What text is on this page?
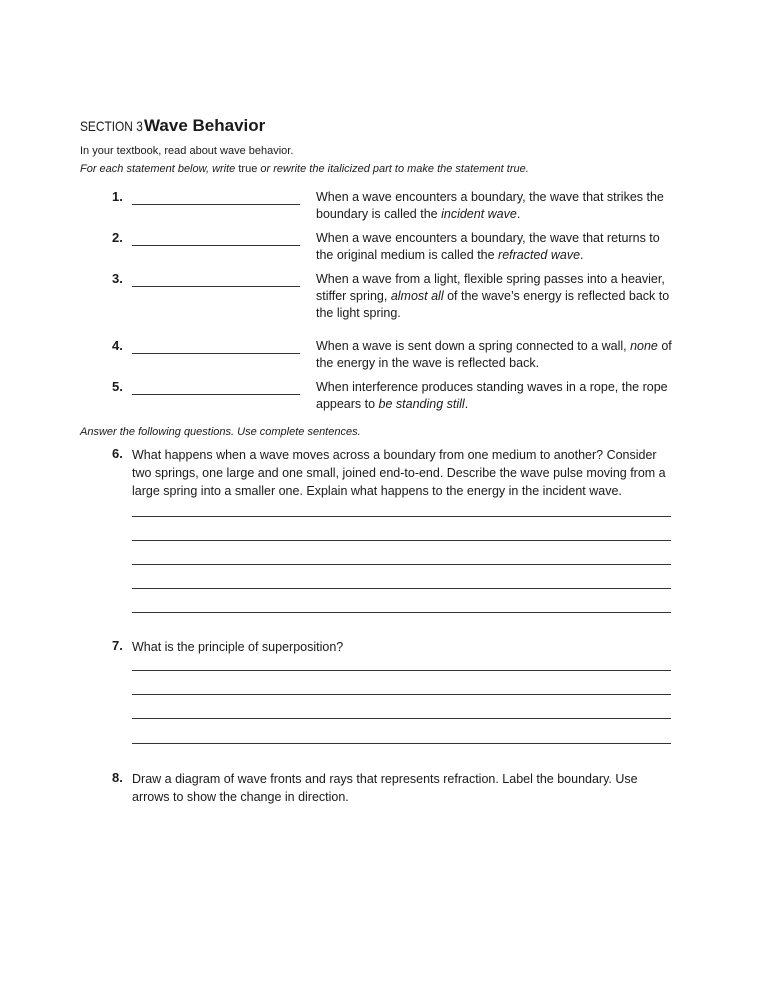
SECTION 3Wave Behavior
In your textbook, read about wave behavior.
For each statement below, write true or rewrite the italicized part to make the statement true.
Answer the following questions. Use complete sentences.
1.	When a wave encounters a boundary, the wave that strikes the boundary is called the incident wave.
2.	When a wave encounters a boundary, the wave that returns to the original medium is called the refracted wave.
3.	When a wave from a light, flexible spring passes into a heavier, stiffer spring, almost all of the wave’s energy is reflected back to the light spring.
4.	When a wave is sent down a spring connected to a wall, none of the energy in the wave is reflected back.
5.	When interference produces standing waves in a rope, the rope appears to be standing still.
6. What happens when a wave moves across a boundary from one medium to another? Consider two springs, one large and one small, joined end-to-end. Describe the wave pulse moving from a large spring into a smaller one. Explain what happens to the energy in the incident wave.
7. What is the principle of superposition?
8. Draw a diagram of wave fronts and rays that represents refraction. Label the boundary. Use arrows to show the change in direction.
